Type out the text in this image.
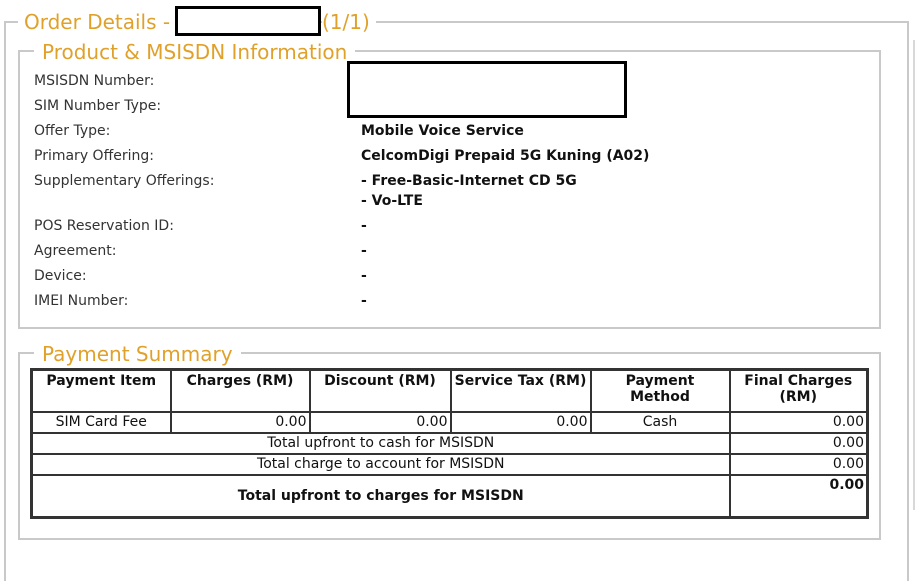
Order Details -	(1/1)
Product & MSISDN Information
MSISDN Number:
SIM Number Type:
Offer Type:	Mobile Voice Service
Primary Offering:	CelcomDigi Prepaid 5G Kuning (A02)
Supplementary Offerings:	- Free-Basic-Internet CD 5G
- Vo-LTE
POS Reservation ID:	-
Agreement:	-
Device:	-
IMEI Number:	-
Payment Summary
Payment Item	Charges (RM)	Discount (RM)	Service Tax (RM)	Payment Method	Final Charges (RM)
SIM Card Fee	0.00	0.00	0.00	Cash	0.00
Total upfront to cash for MSISDN					0.00
Total charge to account for MSISDN					0.00
Total upfront to charges for MSISDN					0.00
